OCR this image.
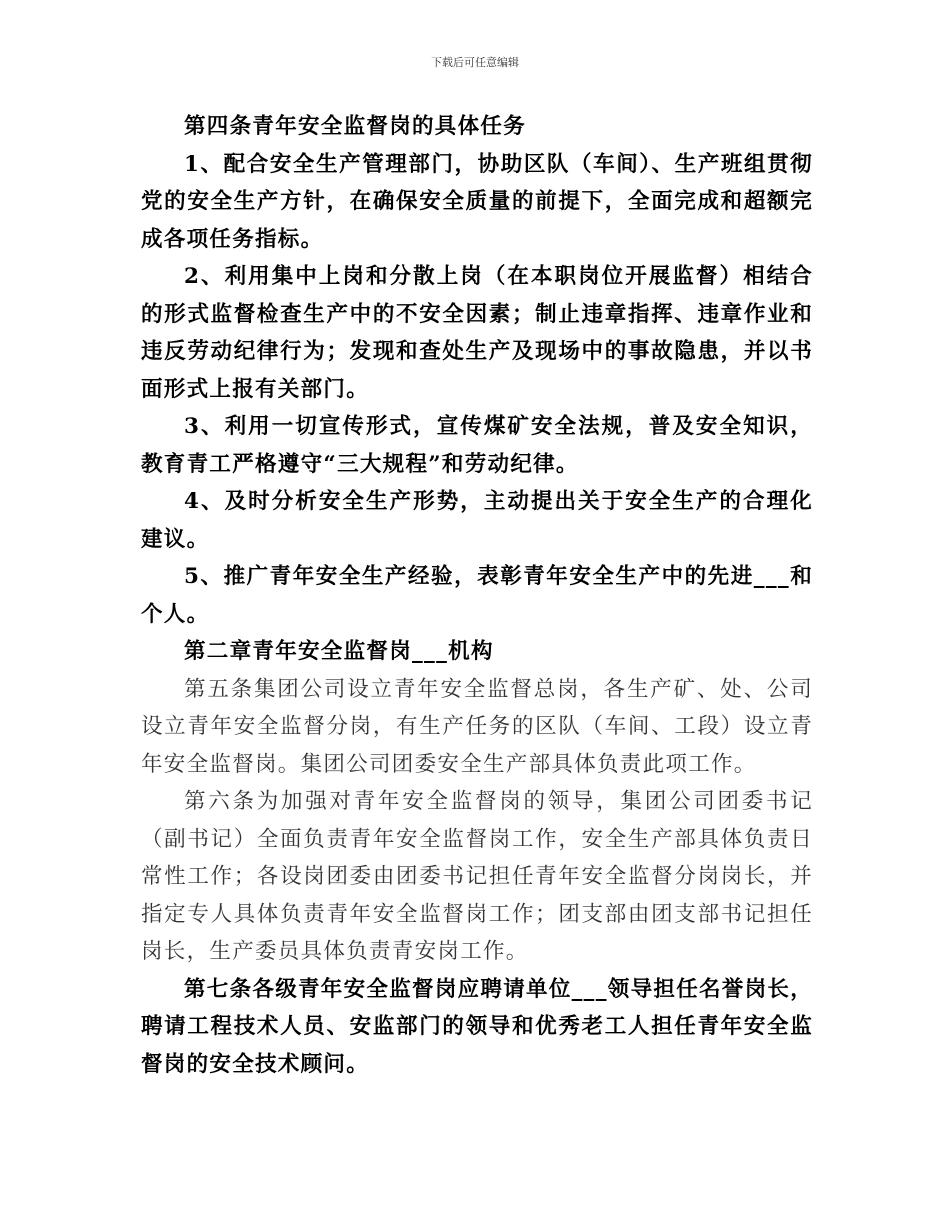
下载后可任意编辑

第四条青年安全监督岗的具体任务

1、配合安全生产管理部门，协助区队（车间）、生产班组贯彻党的安全生产方针，在确保安全质量的前提下，全面完成和超额完成各项任务指标。

2、利用集中上岗和分散上岗（在本职岗位开展监督）相结合的形式监督检查生产中的不安全因素；制止违章指挥、违章作业和违反劳动纪律行为；发现和查处生产及现场中的事故隐患，并以书面形式上报有关部门。

3、利用一切宣传形式，宣传煤矿安全法规，普及安全知识，教育青工严格遵守“三大规程”和劳动纪律。

4、及时分析安全生产形势，主动提出关于安全生产的合理化建议。

5、推广青年安全生产经验，表彰青年安全生产中的先进___和个人。

第二章青年安全监督岗___机构

第五条集团公司设立青年安全监督总岗，各生产矿、处、公司设立青年安全监督分岗，有生产任务的区队（车间、工段）设立青年安全监督岗。集团公司团委安全生产部具体负责此项工作。

第六条为加强对青年安全监督岗的领导，集团公司团委书记（副书记）全面负责青年安全监督岗工作，安全生产部具体负责日常性工作；各设岗团委由团委书记担任青年安全监督分岗岗长，并指定专人具体负责青年安全监督岗工作；团支部由团支部书记担任岗长，生产委员具体负责青安岗工作。

第七条各级青年安全监督岗应聘请单位___领导担任名誉岗长，聘请工程技术人员、安监部门的领导和优秀老工人担任青年安全监督岗的安全技术顾问。
